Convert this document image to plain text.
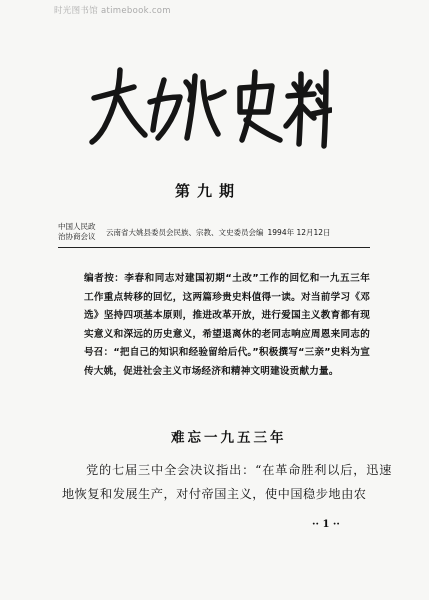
时光图书馆 atimebook.com
第九期
中国人民政
治协商会议 云南省大姚县委员会民族、宗教、文史委员会编 1994年 12月12日
编者按：李春和同志对建国初期“土改”工作的回忆和一九五三年工作重点转移的回忆，这两篇珍贵史料值得一读。对当前学习《邓选》坚持四项基本原则，推进改革开放，进行爱国主义教育都有现实意义和深远的历史意义，希望退离休的老同志响应周恩来同志的号召：“把自己的知识和经验留给后代。”积极撰写“三亲”史料为宣传大姚，促进社会主义市场经济和精神文明建设贡献力量。
难忘一九五三年
党的七届三中全会决议指出：“在革命胜利以后，迅速地恢复和发展生产，对付帝国主义，使中国稳步地由农
·· 1 ··
